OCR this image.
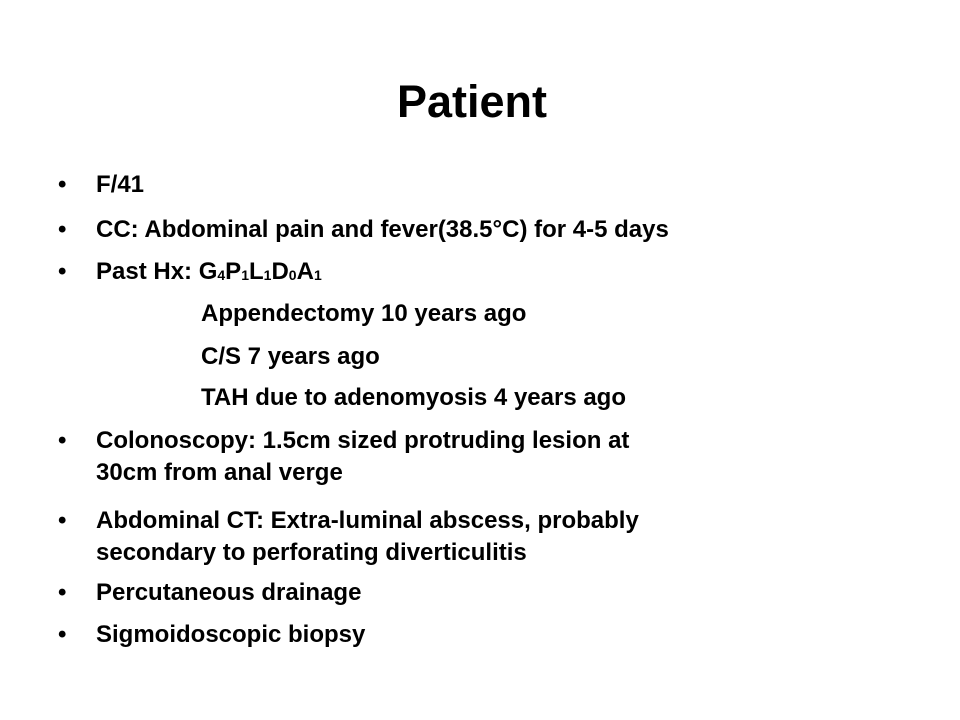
Patient
• F/41
• CC: Abdominal pain and fever(38.5°C) for 4-5 days
• Past Hx: $G_4P_1L_1D_0A_1$
Appendectomy 10 years ago
C/S 7 years ago
TAH due to adenomyosis 4 years ago
• Colonoscopy: 1.5cm sized protruding lesion at
30cm from anal verge
• Abdominal CT: Extra-luminal abscess, probably
secondary to perforating diverticulitis
• Percutaneous drainage
• Sigmoidoscopic biopsy
